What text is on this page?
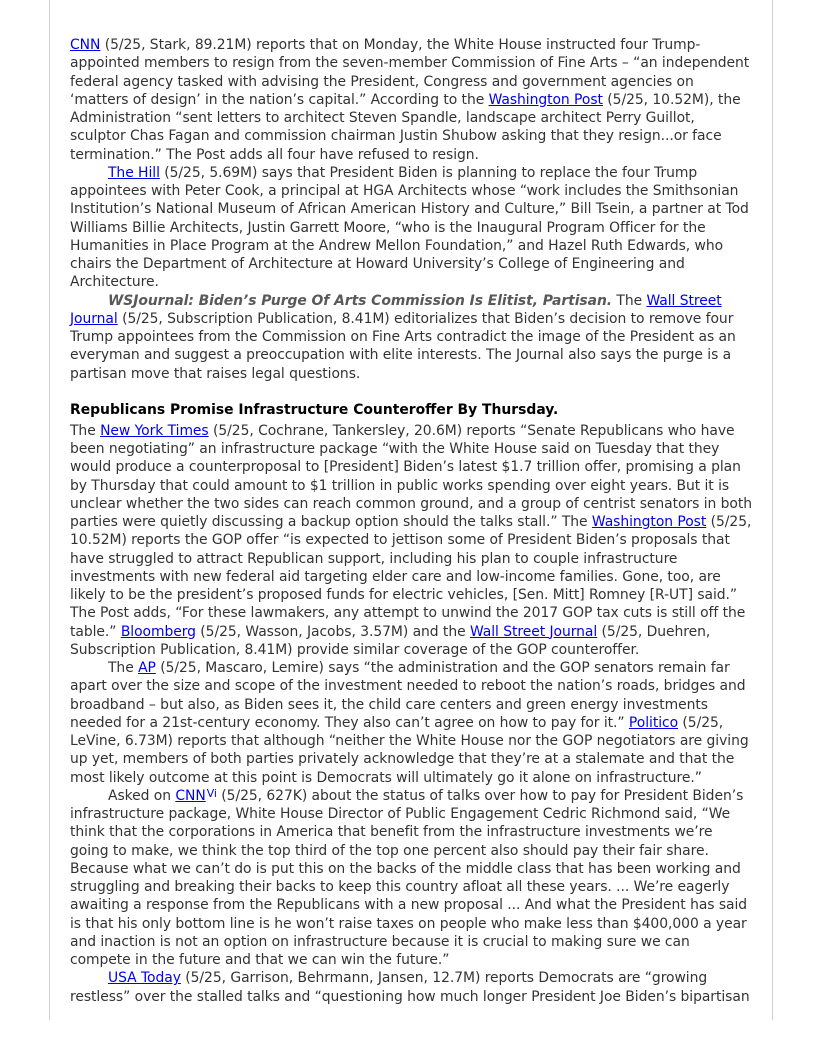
CNN (5/25, Stark, 89.21M) reports that on Monday, the White House instructed four Trump-appointed members to resign from the seven-member Commission of Fine Arts – “an independent federal agency tasked with advising the President, Congress and government agencies on ‘matters of design’ in the nation’s capital.” According to the Washington Post (5/25, 10.52M), the Administration “sent letters to architect Steven Spandle, landscape architect Perry Guillot, sculptor Chas Fagan and commission chairman Justin Shubow asking that they resign...or face termination.” The Post adds all four have refused to resign.

The Hill (5/25, 5.69M) says that President Biden is planning to replace the four Trump appointees with Peter Cook, a principal at HGA Architects whose “work includes the Smithsonian Institution’s National Museum of African American History and Culture,” Bill Tsein, a partner at Tod Williams Billie Architects, Justin Garrett Moore, “who is the Inaugural Program Officer for the Humanities in Place Program at the Andrew Mellon Foundation,” and Hazel Ruth Edwards, who chairs the Department of Architecture at Howard University’s College of Engineering and Architecture.

WSJournal: Biden’s Purge Of Arts Commission Is Elitist, Partisan. The Wall Street Journal (5/25, Subscription Publication, 8.41M) editorializes that Biden’s decision to remove four Trump appointees from the Commission on Fine Arts contradict the image of the President as an everyman and suggest a preoccupation with elite interests. The Journal also says the purge is a partisan move that raises legal questions.

Republicans Promise Infrastructure Counteroffer By Thursday.

The New York Times (5/25, Cochrane, Tankersley, 20.6M) reports “Senate Republicans who have been negotiating” an infrastructure package “with the White House said on Tuesday that they would produce a counterproposal to [President] Biden’s latest $1.7 trillion offer, promising a plan by Thursday that could amount to $1 trillion in public works spending over eight years. But it is unclear whether the two sides can reach common ground, and a group of centrist senators in both parties were quietly discussing a backup option should the talks stall.” The Washington Post (5/25, 10.52M) reports the GOP offer “is expected to jettison some of President Biden’s proposals that have struggled to attract Republican support, including his plan to couple infrastructure investments with new federal aid targeting elder care and low-income families. Gone, too, are likely to be the president’s proposed funds for electric vehicles, [Sen. Mitt] Romney [R-UT] said.” The Post adds, “For these lawmakers, any attempt to unwind the 2017 GOP tax cuts is still off the table.” Bloomberg (5/25, Wasson, Jacobs, 3.57M) and the Wall Street Journal (5/25, Duehren, Subscription Publication, 8.41M) provide similar coverage of the GOP counteroffer.

The AP (5/25, Mascaro, Lemire) says “the administration and the GOP senators remain far apart over the size and scope of the investment needed to reboot the nation’s roads, bridges and broadband – but also, as Biden sees it, the child care centers and green energy investments needed for a 21st-century economy. They also can’t agree on how to pay for it.” Politico (5/25, LeVine, 6.73M) reports that although “neither the White House nor the GOP negotiators are giving up yet, members of both parties privately acknowledge that they’re at a stalemate and that the most likely outcome at this point is Democrats will ultimately go it alone on infrastructure.”

Asked on $CNN^{Vi}$ (5/25, 627K) about the status of talks over how to pay for President Biden’s infrastructure package, White House Director of Public Engagement Cedric Richmond said, “We think that the corporations in America that benefit from the infrastructure investments we’re going to make, we think the top third of the top one percent also should pay their fair share. Because what we can’t do is put this on the backs of the middle class that has been working and struggling and breaking their backs to keep this country afloat all these years. ... We’re eagerly awaiting a response from the Republicans with a new proposal ... And what the President has said is that his only bottom line is he won’t raise taxes on people who make less than $400,000 a year and inaction is not an option on infrastructure because it is crucial to making sure we can compete in the future and that we can win the future.”

USA Today (5/25, Garrison, Behrmann, Jansen, 12.7M) reports Democrats are “growing restless” over the stalled talks and “questioning how much longer President Joe Biden’s bipartisan
